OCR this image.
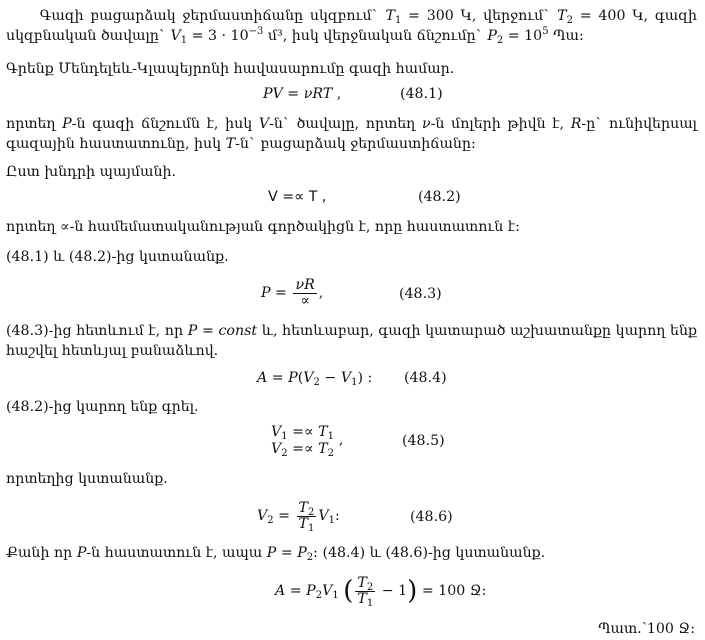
Գազի բացարձակ ջերմաստիճանը սկզբում` $T_1 = 300$ Կ, վերջում` $T_2 = 400$ Կ, գազի
սկզբնական ծավալը` $V_1 = 3 \cdot 10^{-3}$ մ³, իսկ վերջնական ճնշումը` $P_2 = 10^5$ Պա:
Գրենք Մենդելեև-Կլապեյրոնի հավասարումը գազի համար.
PV = νRT ,	(48.1)
որտեղ P-ն գազի ճնշումն է, իսկ V-ն` ծավալը, որտեղ ν-ն մոլերի թիվն է, R-ը` ունիվերսալ
գազային հաստատունը, իսկ T-ն` բացարձակ ջերմաստիճանը:
Ըստ խնդրի պայմանի.
V =∝ T ,	(48.2)
որտեղ ∝-ն համեմատականության գործակիցն է, որը հաստատուն է:
(48.1) և (48.2)-ից կստանանք.
$P = \frac{\nu R}{\propto}$ ,	(48.3)
(48.3)-ից հետևում է, որ P = const և, հետևաբար, գազի կատարած աշխատանքը կարող ենք
հաշվել հետևյալ բանաձևով.
$A = P(V_2 - V_1)$ : (48.4)
(48.2)-ից կարող ենք գրել.
$V_1 =\propto T_1$
$V_2 =\propto T_2$ ’	(48.5)
որտեղից կստանանք.
$V_2 = \frac{T_2}{T_1} V_1$:	(48.6)
Քանի որ P-ն հաստատուն է, ապա $P = P_2$: (48.4) և (48.6)-ից կստանանք.
$A = P_2V_1$ ( $\frac{T_2}{T_1} - 1) = 100$ Ջ:
Պատ.՝100 Ջ:
